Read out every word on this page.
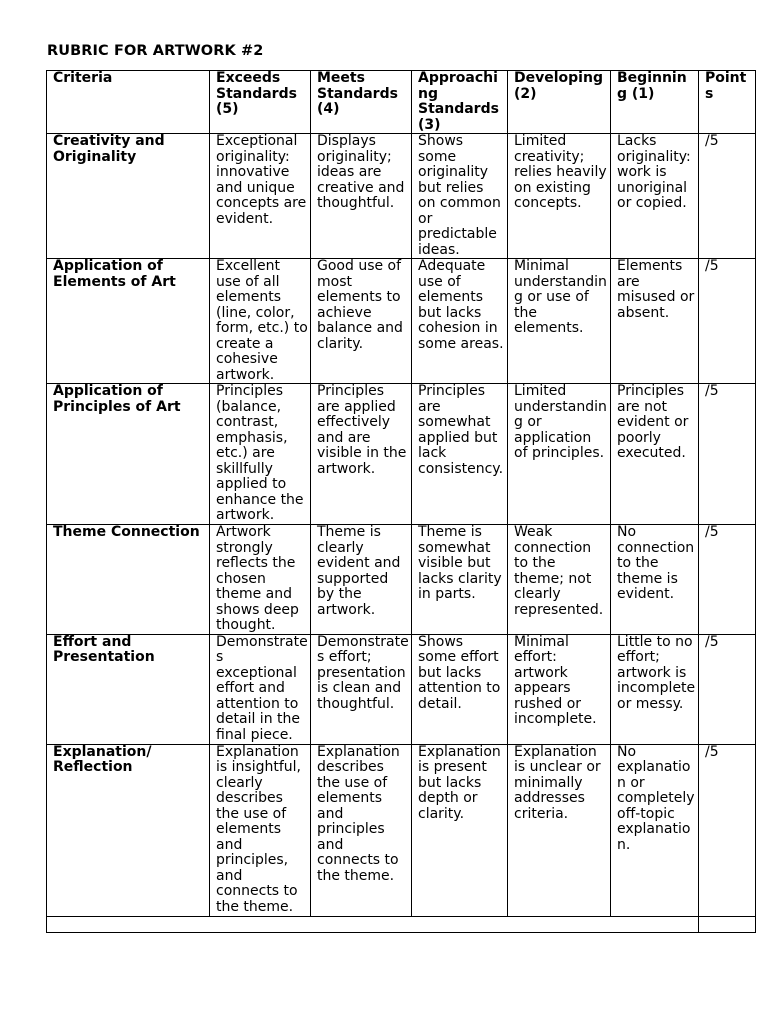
RUBRIC FOR ARTWORK #2
Criteria	Exceeds Standards (5)	Meets Standards (4)	Approaching Standards (3)	Developing (2)	Beginning (1)	Points
Creativity and Originality	Exceptional originality: innovative and unique concepts are evident.	Displays originality; ideas are creative and thoughtful.	Shows some originality but relies on common or predictable ideas.	Limited creativity; relies heavily on existing concepts.	Lacks originality: work is unoriginal or copied.	/5
Application of Elements of Art	Excellent use of all elements (line, color, form, etc.) to create a cohesive artwork.	Good use of most elements to achieve balance and clarity.	Adequate use of elements but lacks cohesion in some areas.	Minimal understanding or use of the elements.	Elements are misused or absent.	/5
Application of Principles of Art	Principles (balance, contrast, emphasis, etc.) are skillfully applied to enhance the artwork.	Principles are applied effectively and are visible in the artwork.	Principles are somewhat applied but lack consistency.	Limited understanding or application of principles.	Principles are not evident or poorly executed.	/5
Theme Connection	Artwork strongly reflects the chosen theme and shows deep thought.	Theme is clearly evident and supported by the artwork.	Theme is somewhat visible but lacks clarity in parts.	Weak connection to the theme; not clearly represented.	No connection to the theme is evident.	/5
Effort and Presentation	Demonstrates exceptional effort and attention to detail in the final piece.	Demonstrates effort; presentation is clean and thoughtful.	Shows some effort but lacks attention to detail.	Minimal effort: artwork appears rushed or incomplete.	Little to no effort; artwork is incomplete or messy.	/5
Explanation/ Reflection	Explanation is insightful, clearly describes the use of elements and principles, and connects to the theme.	Explanation describes the use of elements and principles and connects to the theme.	Explanation is present but lacks depth or clarity.	Explanation is unclear or minimally addresses criteria.	No explanation or completely off-topic explanation.	/5
